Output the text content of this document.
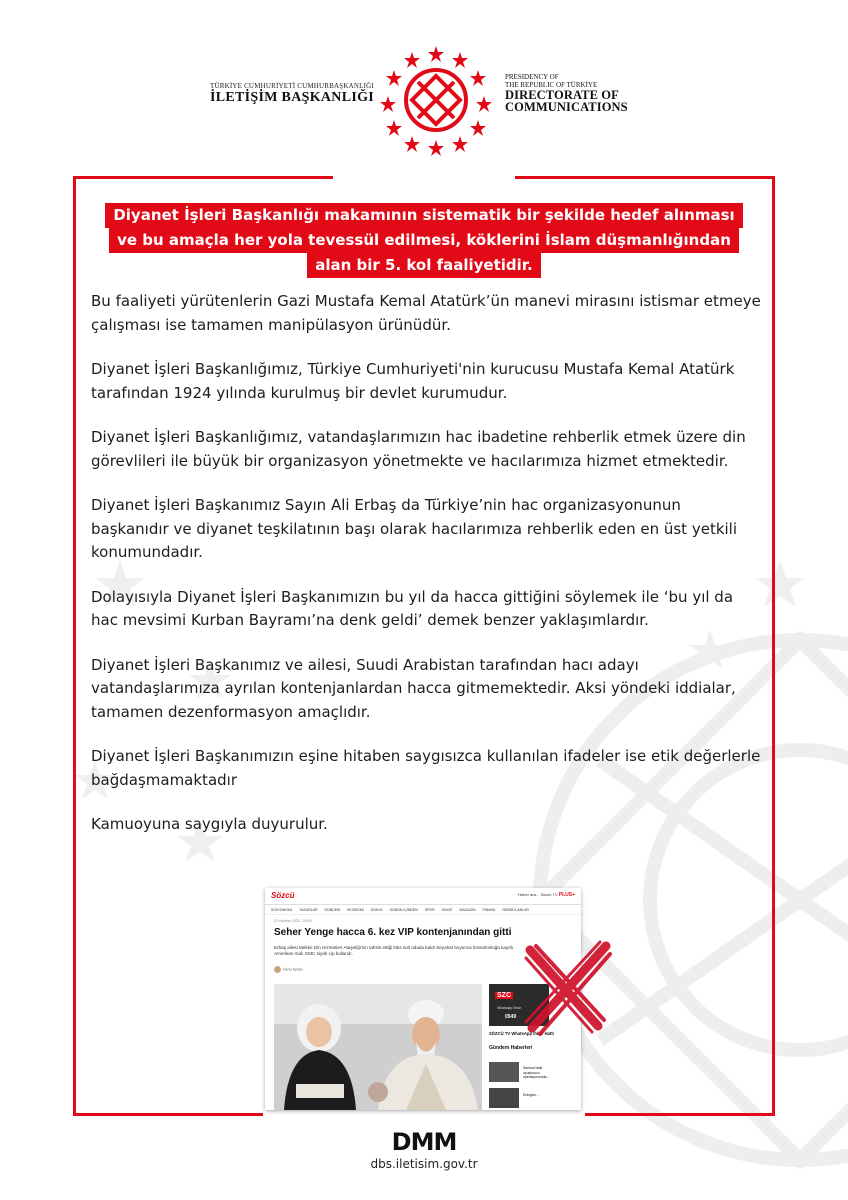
TÜRKİYE CUMHURİYETİ CUMHURBAŞKANLIĞI
İLETİŞİM BAŞKANLIĞI
PRESIDENCY OF
THE REPUBLIC OF TÜRKİYE
DIRECTORATE OF
COMMUNICATIONS
Diyanet İşleri Başkanlığı makamının sistematik bir şekilde hedef alınması
ve bu amaçla her yola tevessül edilmesi, köklerini İslam düşmanlığından
alan bir 5. kol faaliyetidir.

Bu faaliyeti yürütenlerin Gazi Mustafa Kemal Atatürk’ün manevi mirasını istismar etmeye çalışması ise tamamen manipülasyon ürünüdür.

Diyanet İşleri Başkanlığımız, Türkiye Cumhuriyeti'nin kurucusu Mustafa Kemal Atatürk tarafından 1924 yılında kurulmuş bir devlet kurumudur.

Diyanet İşleri Başkanlığımız, vatandaşlarımızın hac ibadetine rehberlik etmek üzere din görevlileri ile büyük bir organizasyon yönetmekte ve hacılarımıza hizmet etmektedir.

Diyanet İşleri Başkanımız Sayın Ali Erbaş da Türkiye’nin hac organizasyonunun başkanıdır ve diyanet teşkilatının başı olarak hacılarımıza rehberlik eden en üst yetkili konumundadır.

Dolayısıyla Diyanet İşleri Başkanımızın bu yıl da hacca gittiğini söylemek ile ‘bu yıl da hac mevsimi Kurban Bayramı’na denk geldi’ demek benzer yaklaşımlardır.

Diyanet İşleri Başkanımız ve ailesi, Suudi Arabistan tarafından hacı adayı vatandaşlarımıza ayrılan kontenjanlardan hacca gitmemektedir. Aksi yöndeki iddialar, tamamen dezenformasyon amaçlıdır.

Diyanet İşleri Başkanımızın eşine hitaben saygısızca kullanılan ifadeler ise etik değerlerle bağdaşmamaktadır

Kamuoyuna saygıyla duyurulur.

Sözcü	Haber ara... Sözcü TV PLUS+
SON DAKİKA YAZARLAR GÜNDEM EKONOMİ DÜNYA GÜNÜN İÇİNDEN SPOR HAYAT MAGAZİN FİNANS RESMİ İLANLAR
21 Haziran 2023 - 09:50
Seher Yenge hacca 6. kez VIP kontenjanından gitti
Erbaş ailesi Mekke Din Hizmetleri Ataşeliği'nin tahsis ettiği lüks suit odada kaldı Seyahat boyunca konsolosluğa kayıtlı Amerikan malı GMC siyah cip kullandı.
Deniz Ayhan
SZC
Whatsapp İhbar
0549
SÖZCÜ TV WhatsApp İhbar Hattı
Gündem Haberleri
Samsun'daki
uyuşturucu
operasyonunda...
Erdoğan...
DMM
dbs.iletisim.gov.tr
